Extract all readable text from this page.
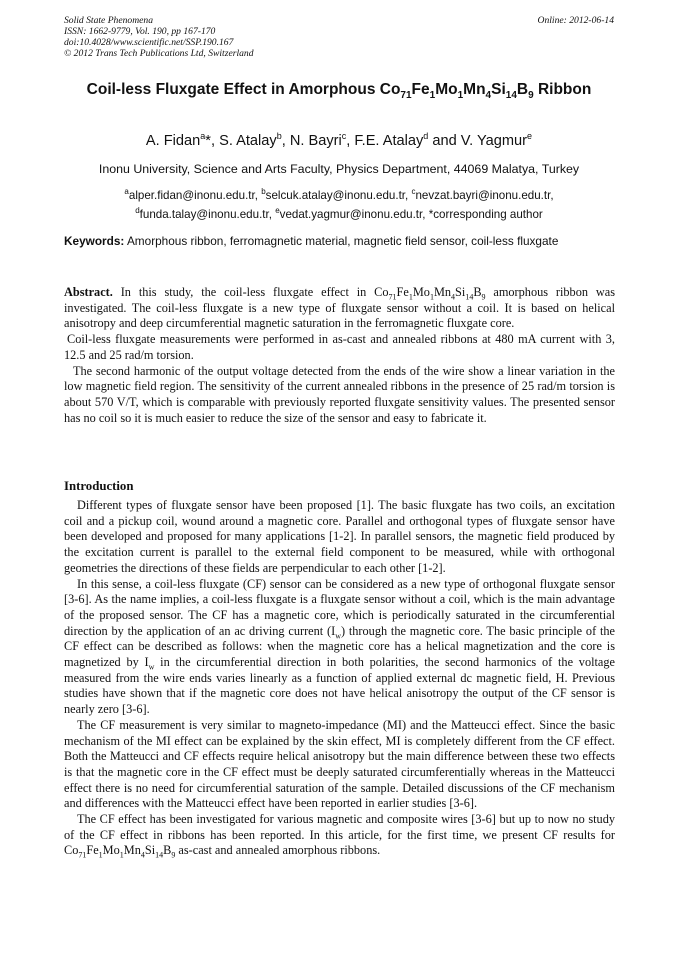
Solid State Phenomena
ISSN: 1662-9779, Vol. 190, pp 167-170
doi:10.4028/www.scientific.net/SSP.190.167
© 2012 Trans Tech Publications Ltd, Switzerland
Online: 2012-06-14
Coil-less Fluxgate Effect in Amorphous $Co_{71}Fe_1Mo_1Mn_4Si_{14}B_9$ Ribbon
A. Fidan$^a$*, S. Atalay$^b$, N. Bayri$^c$, F.E. Atalay$^d$ and V. Yagmur$^e$
Inonu University, Science and Arts Faculty, Physics Department, 44069 Malatya, Turkey
$^a$alper.fidan@inonu.edu.tr, $^b$selcuk.atalay@inonu.edu.tr, $^c$nevzat.bayri@inonu.edu.tr,
$^d$funda.talay@inonu.edu.tr, $^e$vedat.yagmur@inonu.edu.tr, *corresponding author
Keywords: Amorphous ribbon, ferromagnetic material, magnetic field sensor, coil-less fluxgate

Abstract. In this study, the coil-less fluxgate effect in $Co_{71}Fe_1Mo_1Mn_4Si_{14}B_9$ amorphous ribbon was investigated. The coil-less fluxgate is a new type of fluxgate sensor without a coil. It is based on helical anisotropy and deep circumferential magnetic saturation in the ferromagnetic fluxgate core.

Coil-less fluxgate measurements were performed in as-cast and annealed ribbons at 480 mA current with 3, 12.5 and 25 rad/m torsion.

The second harmonic of the output voltage detected from the ends of the wire show a linear variation in the low magnetic field region. The sensitivity of the current annealed ribbons in the presence of 25 rad/m torsion is about 570 V/T, which is comparable with previously reported fluxgate sensitivity values. The presented sensor has no coil so it is much easier to reduce the size of the sensor and easy to fabricate it.

Introduction

Different types of fluxgate sensor have been proposed [1]. The basic fluxgate has two coils, an excitation coil and a pickup coil, wound around a magnetic core. Parallel and orthogonal types of fluxgate sensor have been developed and proposed for many applications [1-2]. In parallel sensors, the magnetic field produced by the excitation current is parallel to the external field component to be measured, while with orthogonal geometries the directions of these fields are perpendicular to each other [1-2].

In this sense, a coil-less fluxgate (CF) sensor can be considered as a new type of orthogonal fluxgate sensor [3-6]. As the name implies, a coil-less fluxgate is a fluxgate sensor without a coil, which is the main advantage of the proposed sensor. The CF has a magnetic core, which is periodically saturated in the circumferential direction by the application of an ac driving current $(I_w)$ through the magnetic core. The basic principle of the CF effect can be described as follows: when the magnetic core has a helical magnetization and the core is magnetized by $I_w$ in the circumferential direction in both polarities, the second harmonics of the voltage measured from the wire ends varies linearly as a function of applied external dc magnetic field, H. Previous studies have shown that if the magnetic core does not have helical anisotropy the output of the CF sensor is nearly zero [3-6].

The CF measurement is very similar to magneto-impedance (MI) and the Matteucci effect. Since the basic mechanism of the MI effect can be explained by the skin effect, MI is completely different from the CF effect. Both the Matteucci and CF effects require helical anisotropy but the main difference between these two effects is that the magnetic core in the CF effect must be deeply saturated circumferentially whereas in the Matteucci effect there is no need for circumferential saturation of the sample. Detailed discussions of the CF mechanism and differences with the Matteucci effect have been reported in earlier studies [3-6].

The CF effect has been investigated for various magnetic and composite wires [3-6] but up to now no study of the CF effect in ribbons has been reported. In this article, for the first time, we present CF results for $Co_{71}Fe_1Mo_1Mn_4Si_{14}B_9$ as-cast and annealed amorphous ribbons.
